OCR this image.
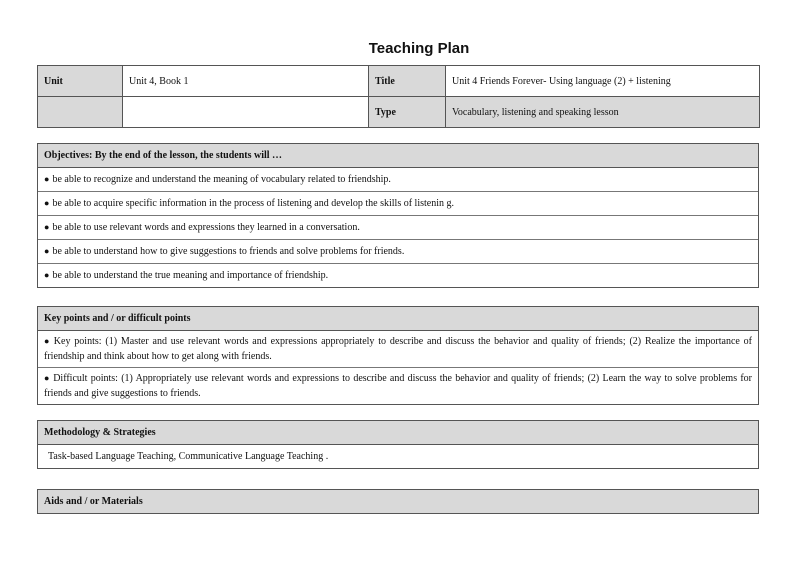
Teaching Plan
Unit	Unit 4, Book 1	Title	Unit 4 Friends Forever- Using language (2) + listening
		Type	Vocabulary, listening and speaking lesson
Objectives: By the end of the lesson, the students will …
● be able to recognize and understand the meaning of vocabulary related to friendship.
● be able to acquire specific information in the process of listening and develop the skills of listenin g.
● be able to use relevant words and expressions they learned in a conversation.
● be able to understand how to give suggestions to friends and solve problems for friends.
● be able to understand the true meaning and importance of friendship.
Key points and / or difficult points
● Key points: (1) Master and use relevant words and expressions appropriately to describe and discuss the behavior and quality of friends; (2) Realize the importance of friendship and think about how to get along with friends.
● Difficult points: (1) Appropriately use relevant words and expressions to describe and discuss the behavior and quality of friends; (2) Learn the way to solve problems for friends and give suggestions to friends.
Methodology & Strategies
Task-based Language Teaching, Communicative Language Teaching .
Aids and / or Materials
